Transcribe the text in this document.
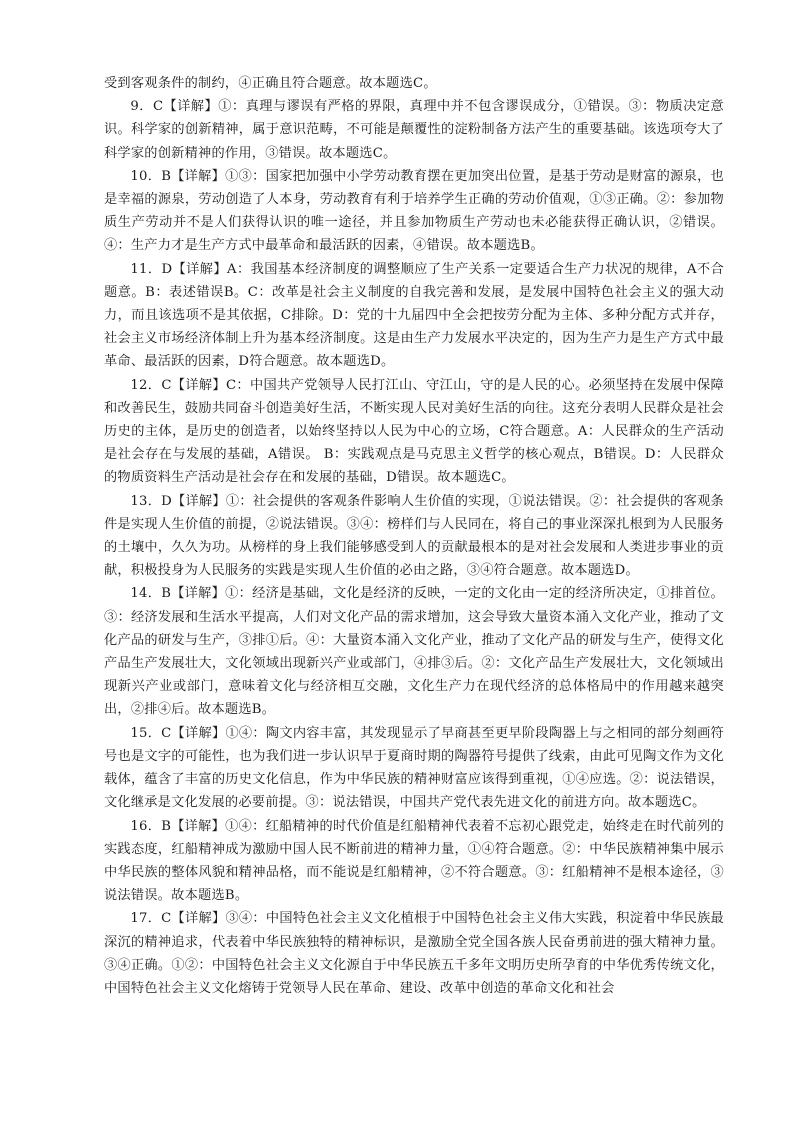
受到客观条件的制约，④正确且符合题意。故本题选C。

9．C【详解】①：真理与谬误有严格的界限，真理中并不包含谬误成分，①错误。③：物质决定意识。科学家的创新精神，属于意识范畴，不可能是颠覆性的淀粉制备方法产生的重要基础。该选项夸大了科学家的创新精神的作用，③错误。故本题选C。

10．B【详解】①③：国家把加强中小学劳动教育摆在更加突出位置，是基于劳动是财富的源泉，也是幸福的源泉，劳动创造了人本身，劳动教育有利于培养学生正确的劳动价值观，①③正确。②：参加物质生产劳动并不是人们获得认识的唯一途径，并且参加物质生产劳动也未必能获得正确认识，②错误。④：生产力才是生产方式中最革命和最活跃的因素，④错误。故本题选B。

11．D【详解】A：我国基本经济制度的调整顺应了生产关系一定要适合生产力状况的规律，A不合题意。B：表述错误B。C：改革是社会主义制度的自我完善和发展，是发展中国特色社会主义的强大动力，而且该选项不是其依据，C排除。D：党的十九届四中全会把按劳分配为主体、多种分配方式并存，社会主义市场经济体制上升为基本经济制度。这是由生产力发展水平决定的，因为生产力是生产方式中最革命、最活跃的因素，D符合题意。故本题选D。

12．C【详解】C：中国共产党领导人民打江山、守江山，守的是人民的心。必须坚持在发展中保障和改善民生，鼓励共同奋斗创造美好生活，不断实现人民对美好生活的向往。这充分表明人民群众是社会历史的主体，是历史的创造者，以始终坚持以人民为中心的立场，C符合题意。A：人民群众的生产活动是社会存在与发展的基础，A错误。 B：实践观点是马克思主义哲学的核心观点，B错误。D：人民群众的物质资料生产活动是社会存在和发展的基础，D错误。故本题选C。

13．D【详解】①：社会提供的客观条件影响人生价值的实现，①说法错误。②：社会提供的客观条件是实现人生价值的前提，②说法错误。③④：榜样们与人民同在，将自己的事业深深扎根到为人民服务的土壤中，久久为功。从榜样的身上我们能够感受到人的贡献最根本的是对社会发展和人类进步事业的贡献，积极投身为人民服务的实践是实现人生价值的必由之路，③④符合题意。故本题选D。

14．B【详解】①：经济是基础，文化是经济的反映，一定的文化由一定的经济所决定，①排首位。③：经济发展和生活水平提高，人们对文化产品的需求增加，这会导致大量资本涌入文化产业，推动了文化产品的研发与生产，③排①后。④：大量资本涌入文化产业，推动了文化产品的研发与生产，使得文化产品生产发展壮大，文化领域出现新兴产业或部门，④排③后。②：文化产品生产发展壮大，文化领域出现新兴产业或部门，意味着文化与经济相互交融，文化生产力在现代经济的总体格局中的作用越来越突出，②排④后。故本题选B。

15．C【详解】①④：陶文内容丰富，其发现显示了早商甚至更早阶段陶器上与之相同的部分刻画符号也是文字的可能性，也为我们进一步认识早于夏商时期的陶器符号提供了线索，由此可见陶文作为文化载体，蕴含了丰富的历史文化信息，作为中华民族的精神财富应该得到重视，①④应选。②：说法错误，文化继承是文化发展的必要前提。③：说法错误，中国共产党代表先进文化的前进方向。故本题选C。

16．B【详解】①④：红船精神的时代价值是红船精神代表着不忘初心跟党走，始终走在时代前列的实践态度，红船精神成为激励中国人民不断前进的精神力量，①④符合题意。②：中华民族精神集中展示中华民族的整体风貌和精神品格，而不能说是红船精神，②不符合题意。③：红船精神不是根本途径，③说法错误。故本题选B。

17．C【详解】③④：中国特色社会主义文化植根于中国特色社会主义伟大实践，积淀着中华民族最深沉的精神追求，代表着中华民族独特的精神标识，是激励全党全国各族人民奋勇前进的强大精神力量。③④正确。①②：中国特色社会主义文化源自于中华民族五千多年文明历史所孕育的中华优秀传统文化，中国特色社会主义文化熔铸于党领导人民在革命、建设、改革中创造的革命文化和社会
